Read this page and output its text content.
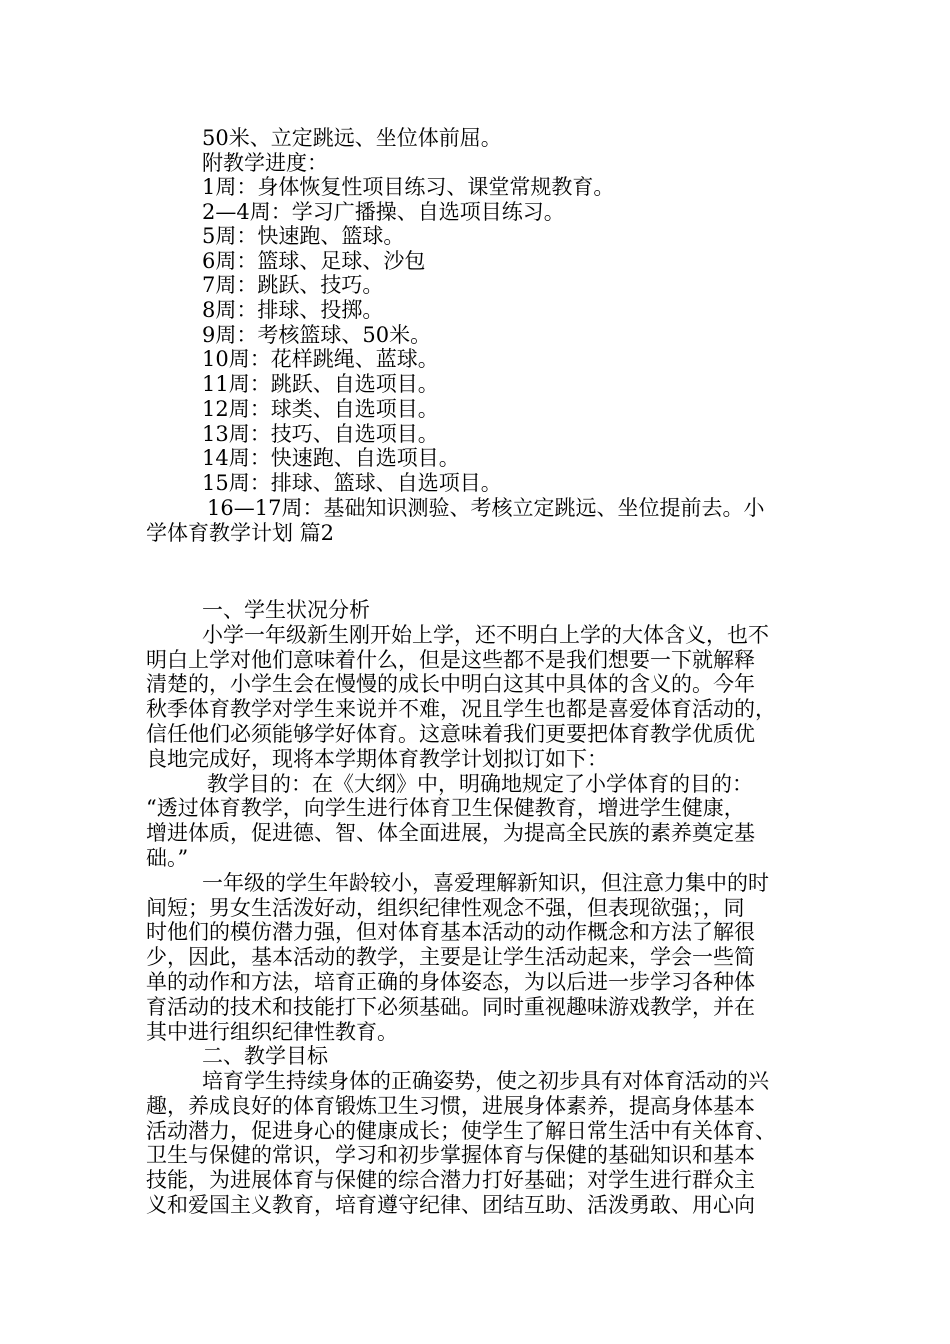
50米、立定跳远、坐位体前屈。
附教学进度：
1周：身体恢复性项目练习、课堂常规教育。
2—4周：学习广播操、自选项目练习。
5周：快速跑、篮球。
6周：篮球、足球、沙包
7周：跳跃、技巧。
8周：排球、投掷。
9周：考核篮球、50米。
10周：花样跳绳、蓝球。
11周：跳跃、自选项目。
12周：球类、自选项目。
13周：技巧、自选项目。
14周：快速跑、自选项目。
15周：排球、篮球、自选项目。
16—17周：基础知识测验、考核立定跳远、坐位提前去。小
学体育教学计划 篇2
一、学生状况分析
小学一年级新生刚开始上学，还不明白上学的大体含义，也不
明白上学对他们意味着什么，但是这些都不是我们想要一下就解释
清楚的，小学生会在慢慢的成长中明白这其中具体的含义的。今年
秋季体育教学对学生来说并不难，况且学生也都是喜爱体育活动的，
信任他们必须能够学好体育。这意味着我们更要把体育教学优质优
良地完成好，现将本学期体育教学计划拟订如下：
教学目的：在《大纲》中，明确地规定了小学体育的目的：
“透过体育教学，向学生进行体育卫生保健教育，增进学生健康，
增进体质，促进德、智、体全面进展，为提高全民族的素养奠定基
础。”
一年级的学生年龄较小，喜爱理解新知识，但注意力集中的时
间短；男女生活泼好动，组织纪律性观念不强，但表现欲强；，同
时他们的模仿潜力强，但对体育基本活动的动作概念和方法了解很
少，因此，基本活动的教学，主要是让学生活动起来，学会一些简
单的动作和方法，培育正确的身体姿态，为以后进一步学习各种体
育活动的技术和技能打下必须基础。同时重视趣味游戏教学，并在
其中进行组织纪律性教育。
二、教学目标
培育学生持续身体的正确姿势，使之初步具有对体育活动的兴
趣，养成良好的体育锻炼卫生习惯，进展身体素养，提高身体基本
活动潜力，促进身心的健康成长；使学生了解日常生活中有关体育、
卫生与保健的常识，学习和初步掌握体育与保健的基础知识和基本
技能，为进展体育与保健的综合潜力打好基础；对学生进行群众主
义和爱国主义教育，培育遵守纪律、团结互助、活泼勇敢、用心向
